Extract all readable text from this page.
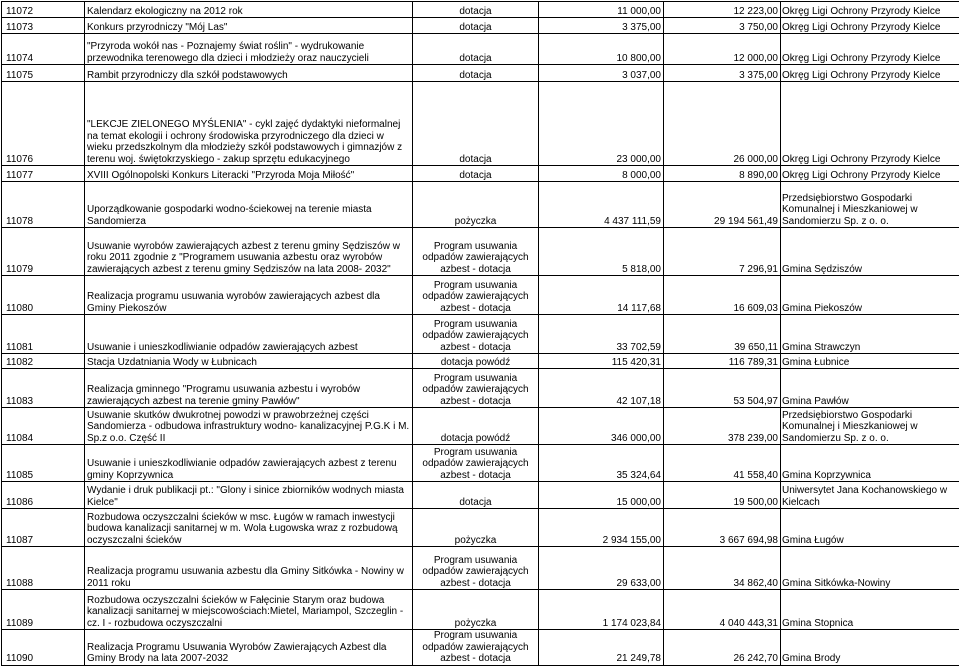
11072	Kalendarz ekologiczny na 2012 rok	dotacja	11 000,00	12 223,00	Okręg Ligi Ochrony Przyrody Kielce
11073	Konkurs przyrodniczy "Mój Las"	dotacja	3 375,00	3 750,00	Okręg Ligi Ochrony Przyrody Kielce
11074	"Przyroda wokół nas - Poznajemy świat roślin" - wydrukowanie przewodnika terenowego dla dzieci i młodzieży oraz nauczycieli	dotacja	10 800,00	12 000,00	Okręg Ligi Ochrony Przyrody Kielce
11075	Rambit przyrodniczy dla szkół podstawowych	dotacja	3 037,00	3 375,00	Okręg Ligi Ochrony Przyrody Kielce
11076	"LEKCJE ZIELONEGO MYŚLENIA" - cykl zajęć dydaktyki nieformalnej na temat ekologii i ochrony środowiska przyrodniczego dla dzieci w wieku przedszkolnym dla młodzieży szkół podstawowych i gimnazjów z terenu woj. świętokrzyskiego - zakup sprzętu edukacyjnego	dotacja	23 000,00	26 000,00	Okręg Ligi Ochrony Przyrody Kielce
11077	XVIII Ogólnopolski Konkurs Literacki "Przyroda Moja Miłość"	dotacja	8 000,00	8 890,00	Okręg Ligi Ochrony Przyrody Kielce
11078	Uporządkowanie gospodarki wodno-ściekowej na terenie miasta Sandomierza	pożyczka	4 437 111,59	29 194 561,49	Przedsiębiorstwo Gospodarki Komunalnej i Mieszkaniowej w Sandomierzu Sp. z o. o.
11079	Usuwanie wyrobów zawierających azbest z terenu gminy Sędziszów w roku 2011 zgodnie z "Programem usuwania azbestu oraz wyrobów zawierających azbest z terenu gminy Sędziszów na lata 2008- 2032"	Program usuwania odpadów zawierających azbest - dotacja	5 818,00	7 296,91	Gmina Sędziszów
11080	Realizacja programu usuwania wyrobów zawierających azbest dla Gminy Piekoszów	Program usuwania odpadów zawierających azbest - dotacja	14 117,68	16 609,03	Gmina Piekoszów
11081	Usuwanie i unieszkodliwianie odpadów zawierających azbest	Program usuwania odpadów zawierających azbest - dotacja	33 702,59	39 650,11	Gmina Strawczyn
11082	Stacja Uzdatniania Wody w Łubnicach	dotacja powódź	115 420,31	116 789,31	Gmina Łubnice
11083	Realizacja gminnego "Programu usuwania azbestu i wyrobów zawierających azbest na terenie gminy Pawłów"	Program usuwania odpadów zawierających azbest - dotacja	42 107,18	53 504,97	Gmina Pawłów
11084	Usuwanie skutków dwukrotnej powodzi w prawobrzeżnej części Sandomierza - odbudowa infrastruktury wodno- kanalizacyjnej P.G.K i M. Sp.z o.o. Część II	dotacja powódź	346 000,00	378 239,00	Przedsiębiorstwo Gospodarki Komunalnej i Mieszkaniowej w Sandomierzu Sp. z o. o.
11085	Usuwanie i unieszkodliwianie odpadów zawierających azbest z terenu gminy Koprzywnica	Program usuwania odpadów zawierających azbest - dotacja	35 324,64	41 558,40	Gmina Koprzywnica
11086	Wydanie i druk publikacji pt.: "Glony i sinice zbiorników wodnych miasta Kielce"	dotacja	15 000,00	19 500,00	Uniwersytet Jana Kochanowskiego w Kielcach
11087	Rozbudowa oczyszczalni ścieków w msc. Ługów w ramach inwestycji budowa kanalizacji sanitarnej w m. Wola Ługowska wraz z rozbudową oczyszczalni ścieków	pożyczka	2 934 155,00	3 667 694,98	Gmina Ługów
11088	Realizacja programu usuwania azbestu dla Gminy Sitkówka - Nowiny w 2011 roku	Program usuwania odpadów zawierających azbest - dotacja	29 633,00	34 862,40	Gmina Sitkówka-Nowiny
11089	Rozbudowa oczyszczalni ścieków w Fałęcinie Starym oraz budowa kanalizacji sanitarnej w miejscowościach:Mietel, Mariampol, Szczeglin - cz. I - rozbudowa oczyszczalni	pożyczka	1 174 023,84	4 040 443,31	Gmina Stopnica
11090	Realizacja Programu Usuwania Wyrobów Zawierających Azbest dla Gminy Brody na lata 2007-2032	Program usuwania odpadów zawierających azbest - dotacja	21 249,78	26 242,70	Gmina Brody
